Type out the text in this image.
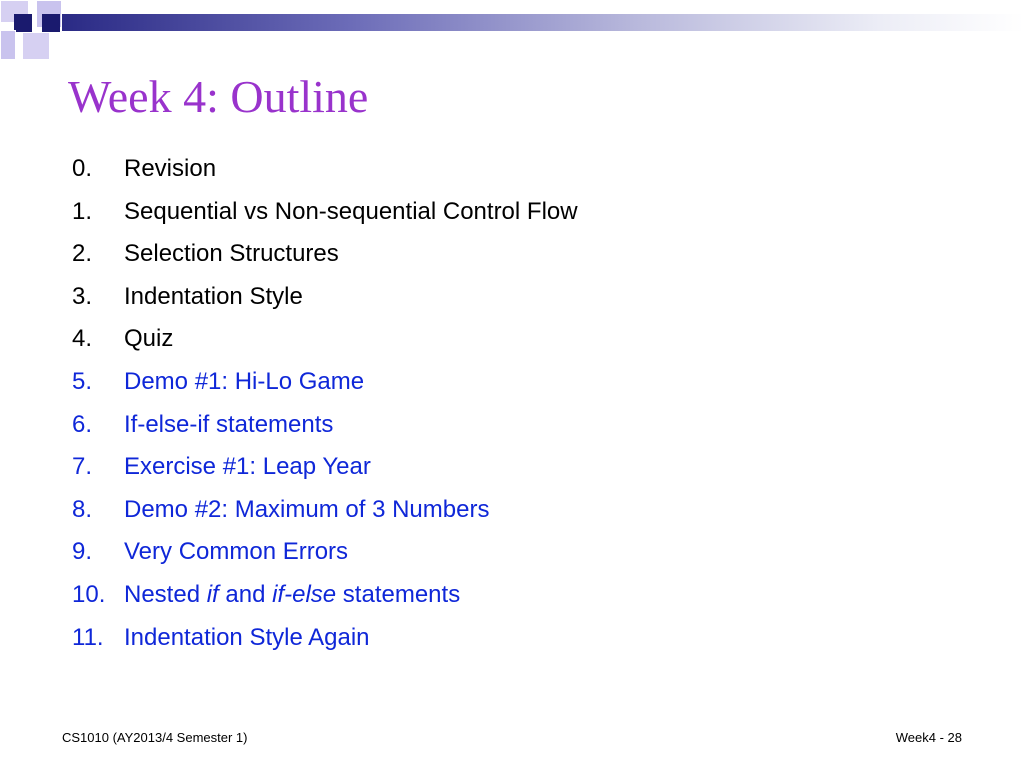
Week 4: Outline
0. Revision
1. Sequential vs Non-sequential Control Flow
2. Selection Structures
3. Indentation Style
4. Quiz
5. Demo #1: Hi-Lo Game
6. If-else-if statements
7. Exercise #1: Leap Year
8. Demo #2: Maximum of 3 Numbers
9. Very Common Errors
10. Nested if and if-else statements
11. Indentation Style Again
CS1010 (AY2013/4 Semester 1)	Week4 - 28
